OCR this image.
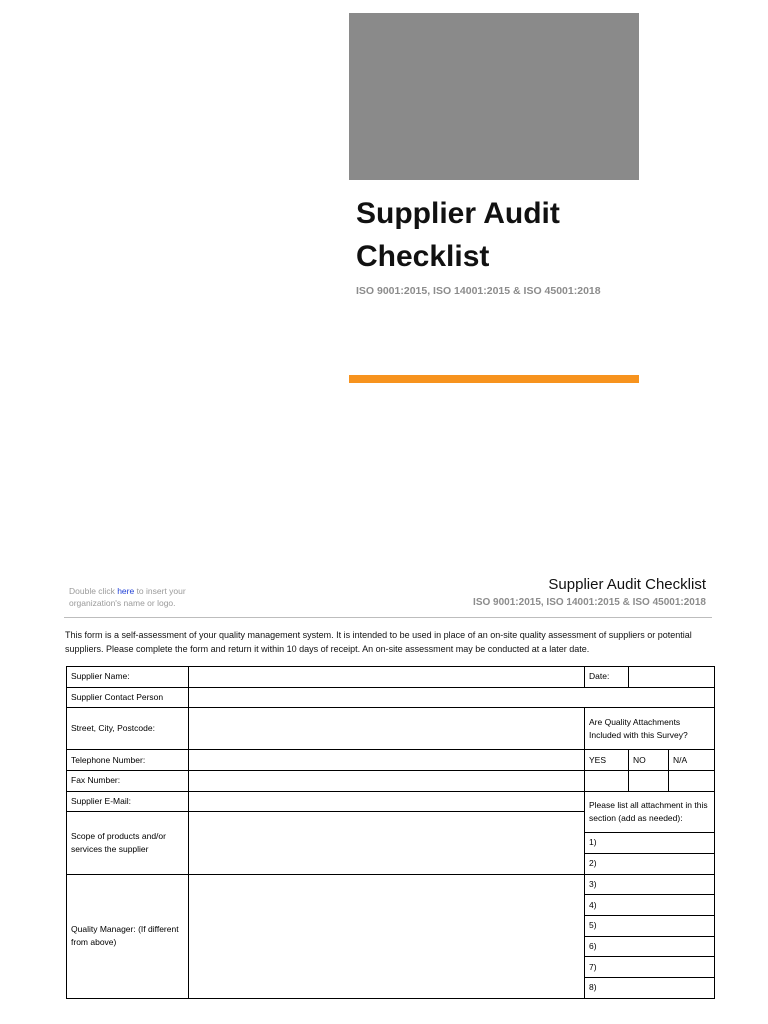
Supplier Audit Checklist
ISO 9001:2015, ISO 14001:2015 & ISO 45001:2018
Double click here to insert your
organization's name or logo.
Supplier Audit Checklist
ISO 9001:2015, ISO 14001:2015 & ISO 45001:2018
This form is a self-assessment of your quality management system. It is intended to be used in place of an on-site quality assessment of suppliers or potential suppliers. Please complete the form and return it within 10 days of receipt. An on-site assessment may be conducted at a later date.
Supplier Name:		Date:		
Supplier Contact Person				
Street, City, Postcode:		Are Quality Attachments Included with this Survey?		
Telephone Number:		YES	NO	N/A
Fax Number:				
Supplier E-Mail:		Please list all attachment in this section (add as needed):		
Scope of products and/or services the supplier				
		1)		
		2)		
Quality Manager: (If different from above)		3)		
		4)		
		5)		
		6)		
		7)		
		8)		
